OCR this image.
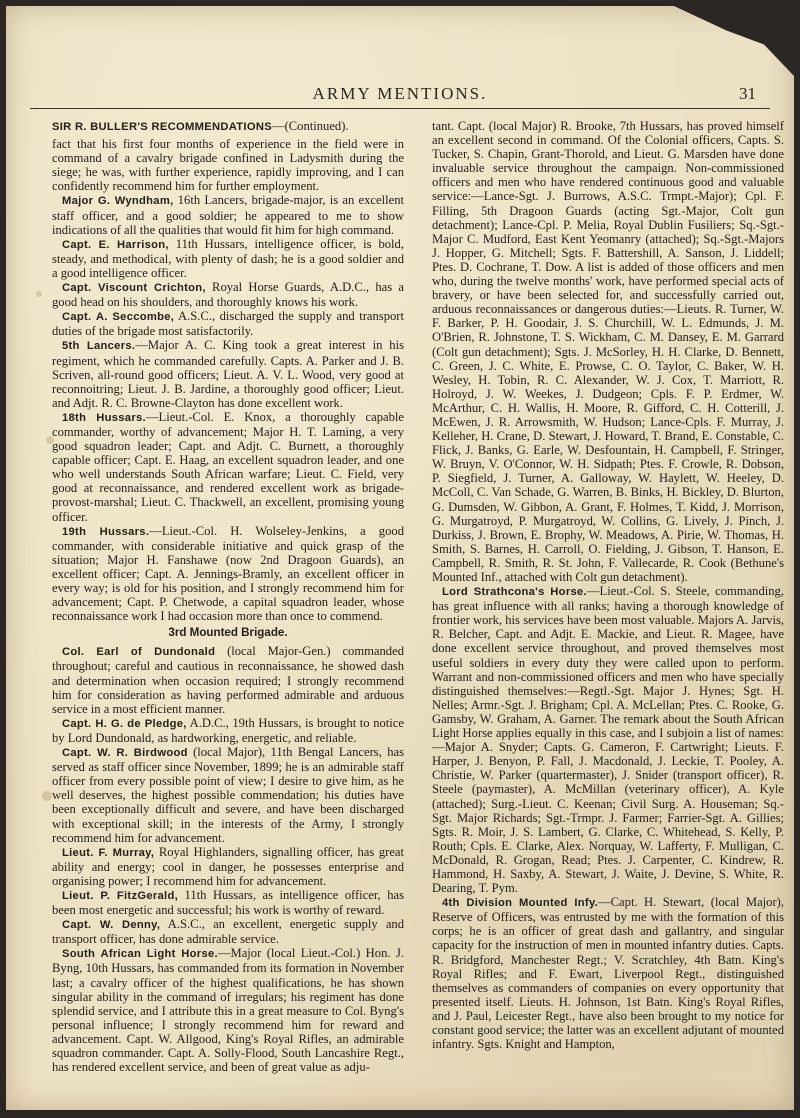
ARMY MENTIONS.	31

SIR R. BULLER'S RECOMMENDATIONS—(Continued).

fact that his first four months of experience in the field were in command of a cavalry brigade confined in Ladysmith during the siege; he was, with further experience, rapidly improving, and I can confidently recommend him for further employment.

Major G. Wyndham, 16th Lancers, brigade-major, is an excellent staff officer, and a good soldier; he appeared to me to show indications of all the qualities that would fit him for high command.

Capt. E. Harrison, 11th Hussars, intelligence officer, is bold, steady, and methodical, with plenty of dash; he is a good soldier and a good intelligence officer.

Capt. Viscount Crichton, Royal Horse Guards, A.D.C., has a good head on his shoulders, and thoroughly knows his work.

Capt. A. Seccombe, A.S.C., discharged the supply and transport duties of the brigade most satisfactorily.

5th Lancers.—Major A. C. King took a great interest in his regiment, which he commanded carefully. Capts. A. Parker and J. B. Scriven, all-round good officers; Lieut. A. V. L. Wood, very good at reconnoitring; Lieut. J. B. Jardine, a thoroughly good officer; Lieut. and Adjt. R. C. Browne-Clayton has done excellent work.

18th Hussars.—Lieut.-Col. E. Knox, a thoroughly capable commander, worthy of advancement; Major H. T. Laming, a very good squadron leader; Capt. and Adjt. C. Burnett, a thoroughly capable officer; Capt. E. Haag, an excellent squadron leader, and one who well understands South African warfare; Lieut. C. Field, very good at reconnaissance, and rendered excellent work as brigade-provost-marshal; Lieut. C. Thackwell, an excellent, promising young officer.

19th Hussars.—Lieut.-Col. H. Wolseley-Jenkins, a good commander, with considerable initiative and quick grasp of the situation; Major H. Fanshawe (now 2nd Dragoon Guards), an excellent officer; Capt. A. Jennings-Bramly, an excellent officer in every way; is old for his position, and I strongly recommend him for advancement; Capt. P. Chetwode, a capital squadron leader, whose reconnaissance work I had occasion more than once to commend.

3rd Mounted Brigade.

Col. Earl of Dundonald (local Major-Gen.) commanded throughout; careful and cautious in reconnaissance, he showed dash and determination when occasion required; I strongly recommend him for consideration as having performed admirable and arduous service in a most efficient manner.

Capt. H. G. de Pledge, A.D.C., 19th Hussars, is brought to notice by Lord Dundonald, as hardworking, energetic, and reliable.

Capt. W. R. Birdwood (local Major), 11th Bengal Lancers, has served as staff officer since November, 1899; he is an admirable staff officer from every possible point of view; I desire to give him, as he well deserves, the highest possible commendation; his duties have been exceptionally difficult and severe, and have been discharged with exceptional skill; in the interests of the Army, I strongly recommend him for advancement.

Lieut. F. Murray, Royal Highlanders, signalling officer, has great ability and energy; cool in danger, he possesses enterprise and organising power; I recommend him for advancement.

Lieut. P. FitzGerald, 11th Hussars, as intelligence officer, has been most energetic and successful; his work is worthy of reward.

Capt. W. Denny, A.S.C., an excellent, energetic supply and transport officer, has done admirable service.

South African Light Horse.—Major (local Lieut.-Col.) Hon. J. Byng, 10th Hussars, has commanded from its formation in November last; a cavalry officer of the highest qualifications, he has shown singular ability in the command of irregulars; his regiment has done splendid service, and I attribute this in a great measure to Col. Byng's personal influence; I strongly recommend him for reward and advancement. Capt. W. Allgood, King's Royal Rifles, an admirable squadron commander. Capt. A. Solly-Flood, South Lancashire Regt., has rendered excellent service, and been of great value as adju-

tant. Capt. (local Major) R. Brooke, 7th Hussars, has proved himself an excellent second in command. Of the Colonial officers, Capts. S. Tucker, S. Chapin, Grant-Thorold, and Lieut. G. Marsden have done invaluable service throughout the campaign. Non-commissioned officers and men who have rendered continuous good and valuable service:—Lance-Sgt. J. Burrows, A.S.C. Trmpt.-Major); Cpl. F. Filling, 5th Dragoon Guards (acting Sgt.-Major, Colt gun detachment); Lance-Cpl. P. Melia, Royal Dublin Fusiliers; Sq.-Sgt.-Major C. Mudford, East Kent Yeomanry (attached); Sq.-Sgt.-Majors J. Hopper, G. Mitchell; Sgts. F. Battershill, A. Sanson, J. Liddell; Ptes. D. Cochrane, T. Dow. A list is added of those officers and men who, during the twelve months' work, have performed special acts of bravery, or have been selected for, and successfully carried out, arduous reconnaissances or dangerous duties:—Lieuts. R. Turner, W. F. Barker, P. H. Goodair, J. S. Churchill, W. L. Edmunds, J. M. O'Brien, R. Johnstone, T. S. Wickham, C. M. Dansey, E. M. Garrard (Colt gun detachment); Sgts. J. McSorley, H. H. Clarke, D. Bennett, C. Green, J. C. White, E. Prowse, C. O. Taylor, C. Baker, W. H. Wesley, H. Tobin, R. C. Alexander, W. J. Cox, T. Marriott, R. Holroyd, J. W. Weekes, J. Dudgeon; Cpls. F. P. Erdmer, W. McArthur, C. H. Wallis, H. Moore, R. Gifford, C. H. Cotterill, J. McEwen, J. R. Arrowsmith, W. Hudson; Lance-Cpls. F. Murray, J. Kelleher, H. Crane, D. Stewart, J. Howard, T. Brand, E. Constable, C. Flick, J. Banks, G. Earle, W. Desfountain, H. Campbell, F. Stringer, W. Bruyn, V. O'Connor, W. H. Sidpath; Ptes. F. Crowle, R. Dobson, P. Siegfield, J. Turner, A. Galloway, W. Haylett, W. Heeley, D. McColl, C. Van Schade, G. Warren, B. Binks, H. Bickley, D. Blurton, G. Dumsden, W. Gibbon, A. Grant, F. Holmes, T. Kidd, J. Morrison, G. Murgatroyd, P. Murgatroyd, W. Collins, G. Lively, J. Pinch, J. Durkiss, J. Brown, E. Brophy, W. Meadows, A. Pirie, W. Thomas, H. Smith, S. Barnes, H. Carroll, O. Fielding, J. Gibson, T. Hanson, E. Campbell, R. Smith, R. St. John, F. Vallecarde, R. Cook (Bethune's Mounted Inf., attached with Colt gun detachment).

Lord Strathcona's Horse.—Lieut.-Col. S. Steele, commanding, has great influence with all ranks; having a thorough knowledge of frontier work, his services have been most valuable. Majors A. Jarvis, R. Belcher, Capt. and Adjt. E. Mackie, and Lieut. R. Magee, have done excellent service throughout, and proved themselves most useful soldiers in every duty they were called upon to perform. Warrant and non-commissioned officers and men who have specially distinguished themselves:—Regtl.-Sgt. Major J. Hynes; Sgt. H. Nelles; Armr.-Sgt. J. Brigham; Cpl. A. McLellan; Ptes. C. Rooke, G. Gamsby, W. Graham, A. Garner. The remark about the South African Light Horse applies equally in this case, and I subjoin a list of names:—Major A. Snyder; Capts. G. Cameron, F. Cartwright; Lieuts. F. Harper, J. Benyon, P. Fall, J. Macdonald, J. Leckie, T. Pooley, A. Christie, W. Parker (quartermaster), J. Snider (transport officer), R. Steele (paymaster), A. McMillan (veterinary officer), A. Kyle (attached); Surg.-Lieut. C. Keenan; Civil Surg. A. Houseman; Sq.-Sgt. Major Richards; Sgt.-Trmpr. J. Farmer; Farrier-Sgt. A. Gillies; Sgts. R. Moir, J. S. Lambert, G. Clarke, C. Whitehead, S. Kelly, P. Routh; Cpls. E. Clarke, Alex. Norquay, W. Lafferty, F. Mulligan, C. McDonald, R. Grogan, Read; Ptes. J. Carpenter, C. Kindrew, R. Hammond, H. Saxby, A. Stewart, J. Waite, J. Devine, S. White, R. Dearing, T. Pym.

4th Division Mounted Infy.—Capt. H. Stewart, (local Major), Reserve of Officers, was entrusted by me with the formation of this corps; he is an officer of great dash and gallantry, and singular capacity for the instruction of men in mounted infantry duties. Capts. R. Bridgford, Manchester Regt.; V. Scratchley, 4th Batn. King's Royal Rifles; and F. Ewart, Liverpool Regt., distinguished themselves as commanders of companies on every opportunity that presented itself. Lieuts. H. Johnson, 1st Batn. King's Royal Rifles, and J. Paul, Leicester Regt., have also been brought to my notice for constant good service; the latter was an excellent adjutant of mounted infantry. Sgts. Knight and Hampton,
